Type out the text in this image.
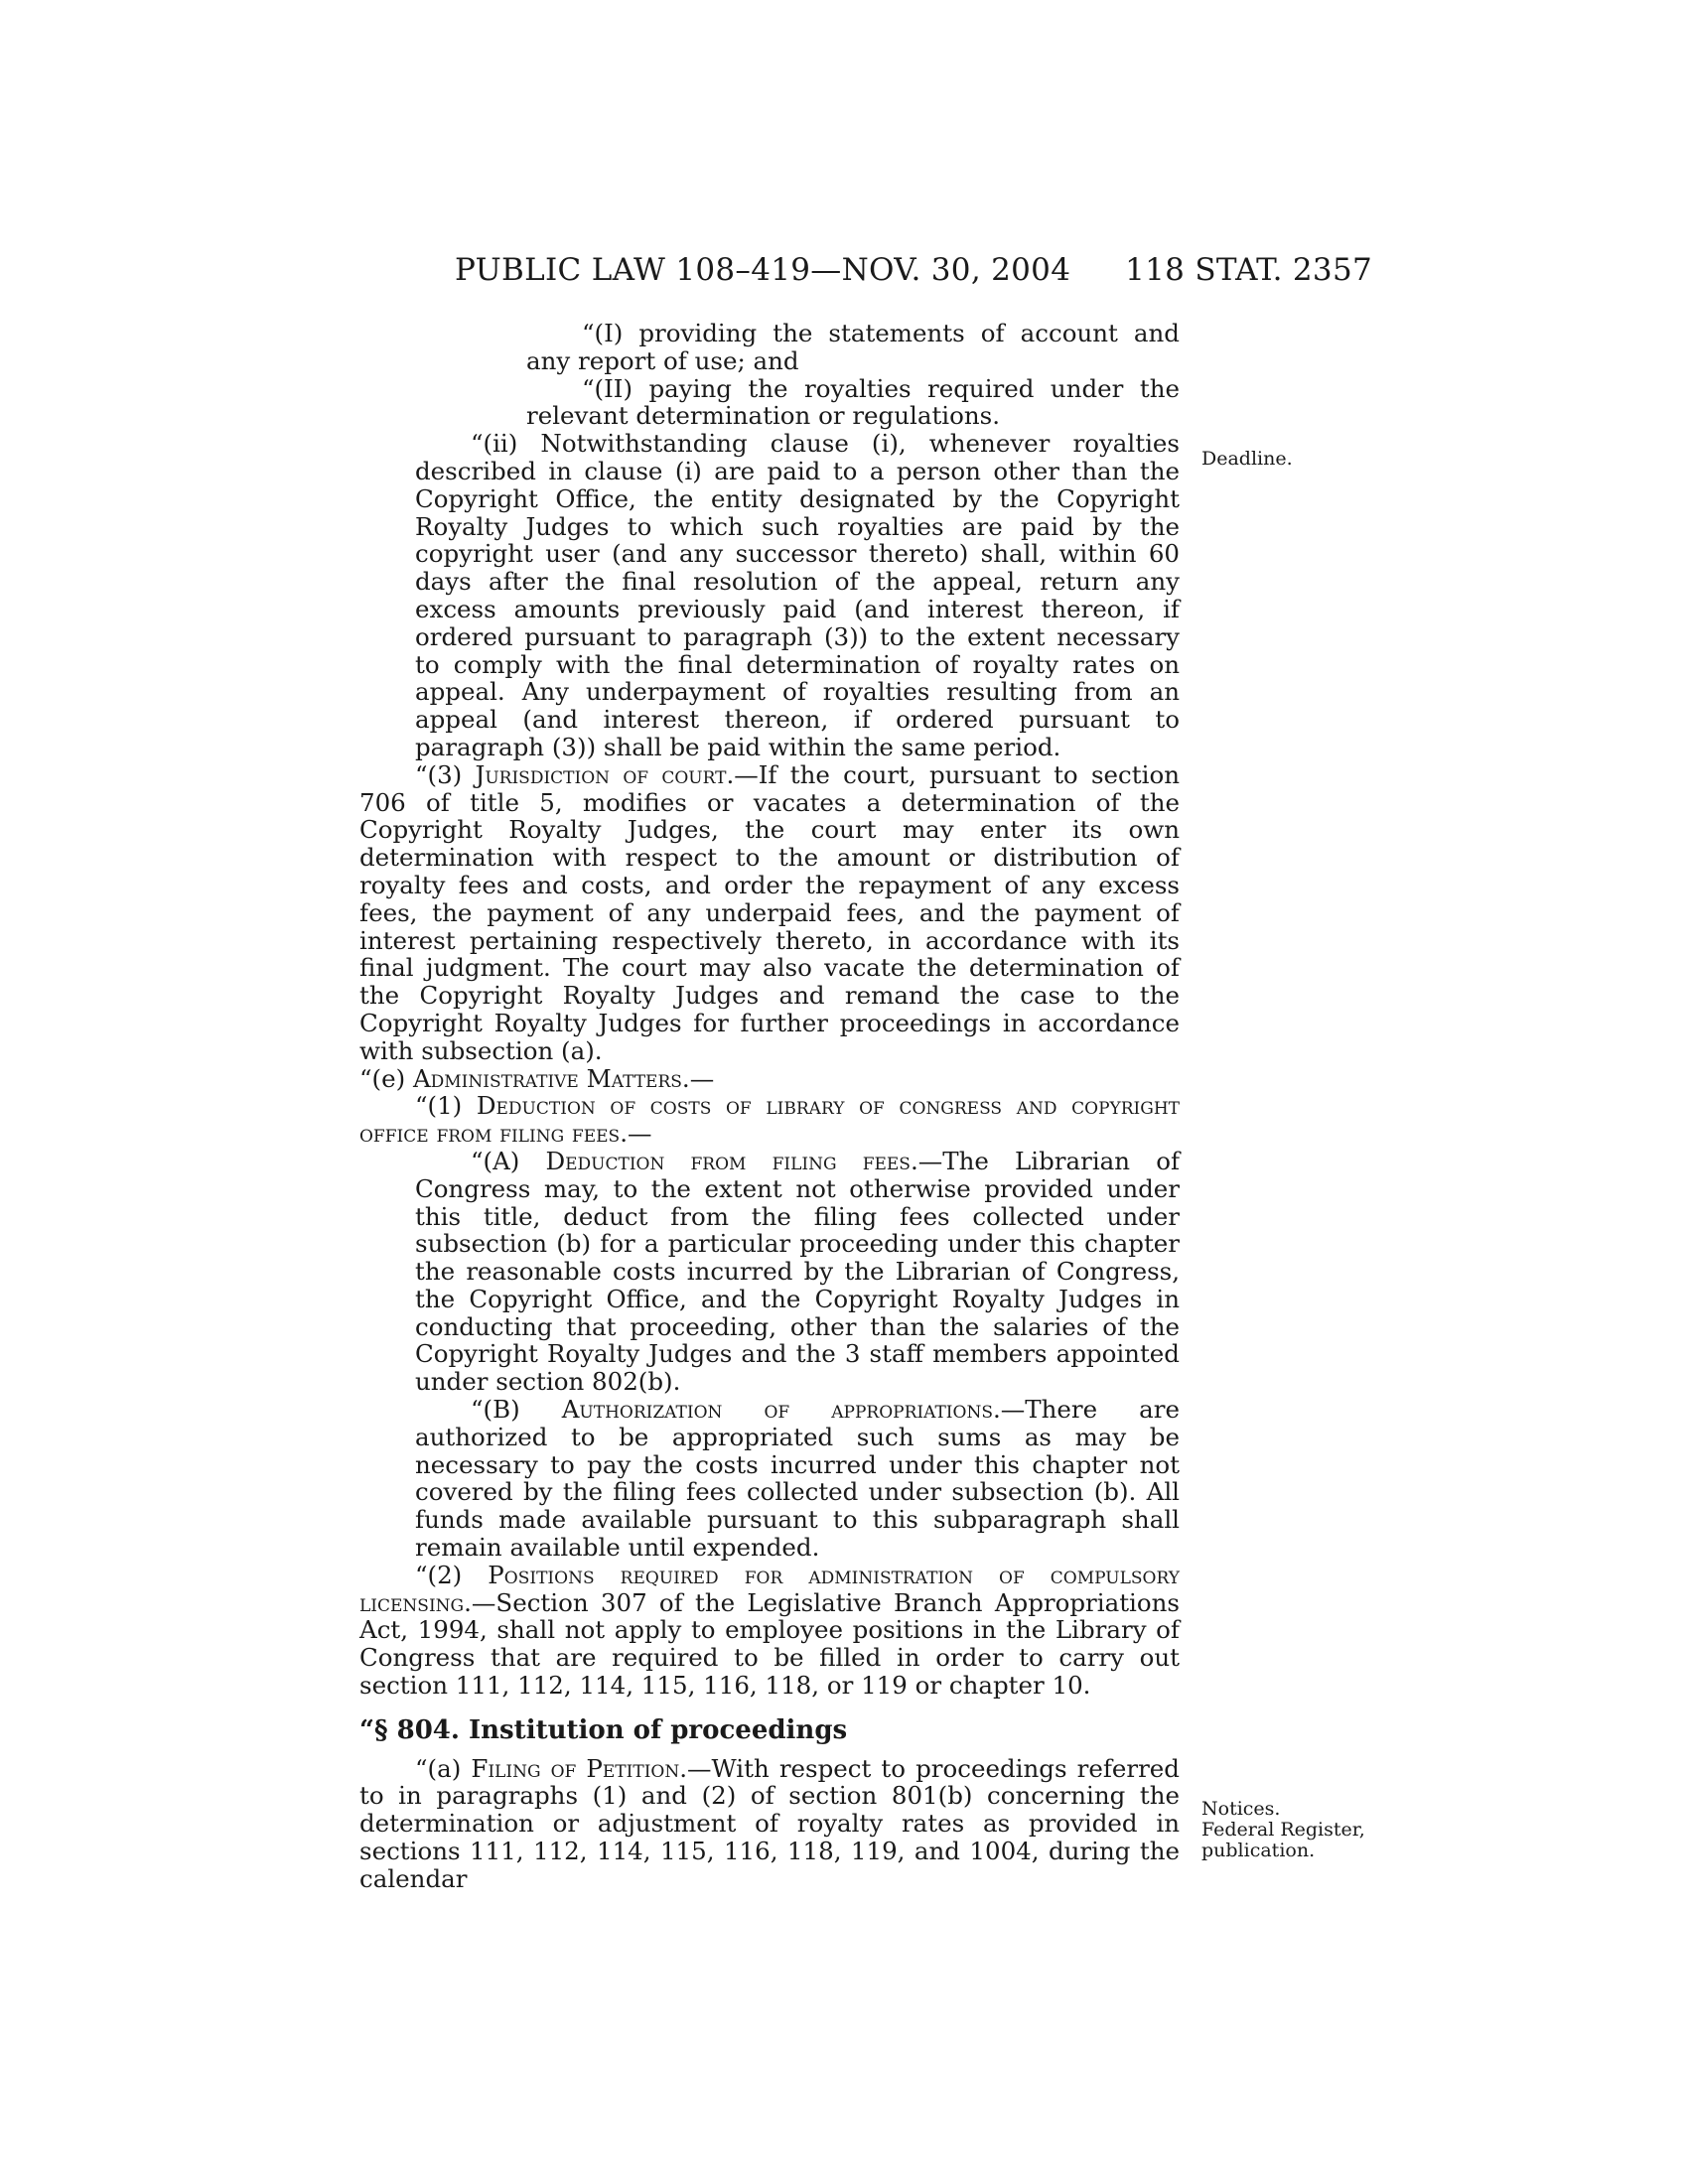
PUBLIC LAW 108–419—NOV. 30, 2004 118 STAT. 2357
Deadline.
Notices.
Federal Register,
publication.

“(I) providing the statements of account and any report of use; and

“(II) paying the royalties required under the relevant determination or regulations.

“(ii) Notwithstanding clause (i), whenever royalties described in clause (i) are paid to a person other than the Copyright Office, the entity designated by the Copyright Royalty Judges to which such royalties are paid by the copyright user (and any successor thereto) shall, within 60 days after the final resolution of the appeal, return any excess amounts previously paid (and interest thereon, if ordered pursuant to paragraph (3)) to the extent necessary to comply with the final determination of royalty rates on appeal. Any underpayment of royalties resulting from an appeal (and interest thereon, if ordered pursuant to paragraph (3)) shall be paid within the same period.

“(3) Jurisdiction of court.—If the court, pursuant to section 706 of title 5, modifies or vacates a determination of the Copyright Royalty Judges, the court may enter its own determination with respect to the amount or distribution of royalty fees and costs, and order the repayment of any excess fees, the payment of any underpaid fees, and the payment of interest pertaining respectively thereto, in accordance with its final judgment. The court may also vacate the determination of the Copyright Royalty Judges and remand the case to the Copyright Royalty Judges for further proceedings in accordance with subsection (a).

“(e) Administrative Matters.—

“(1) Deduction of costs of library of congress and copyright office from filing fees.—

“(A) Deduction from filing fees.—The Librarian of Congress may, to the extent not otherwise provided under this title, deduct from the filing fees collected under subsection (b) for a particular proceeding under this chapter the reasonable costs incurred by the Librarian of Congress, the Copyright Office, and the Copyright Royalty Judges in conducting that proceeding, other than the salaries of the Copyright Royalty Judges and the 3 staff members appointed under section 802(b).

“(B) Authorization of appropriations.—There are authorized to be appropriated such sums as may be necessary to pay the costs incurred under this chapter not covered by the filing fees collected under subsection (b). All funds made available pursuant to this subparagraph shall remain available until expended.

“(2) Positions required for administration of compulsory licensing.—Section 307 of the Legislative Branch Appropriations Act, 1994, shall not apply to employee positions in the Library of Congress that are required to be filled in order to carry out section 111, 112, 114, 115, 116, 118, or 119 or chapter 10.

“§ 804. Institution of proceedings

“(a) Filing of Petition.—With respect to proceedings referred to in paragraphs (1) and (2) of section 801(b) concerning the determination or adjustment of royalty rates as provided in sections 111, 112, 114, 115, 116, 118, 119, and 1004, during the calendar
